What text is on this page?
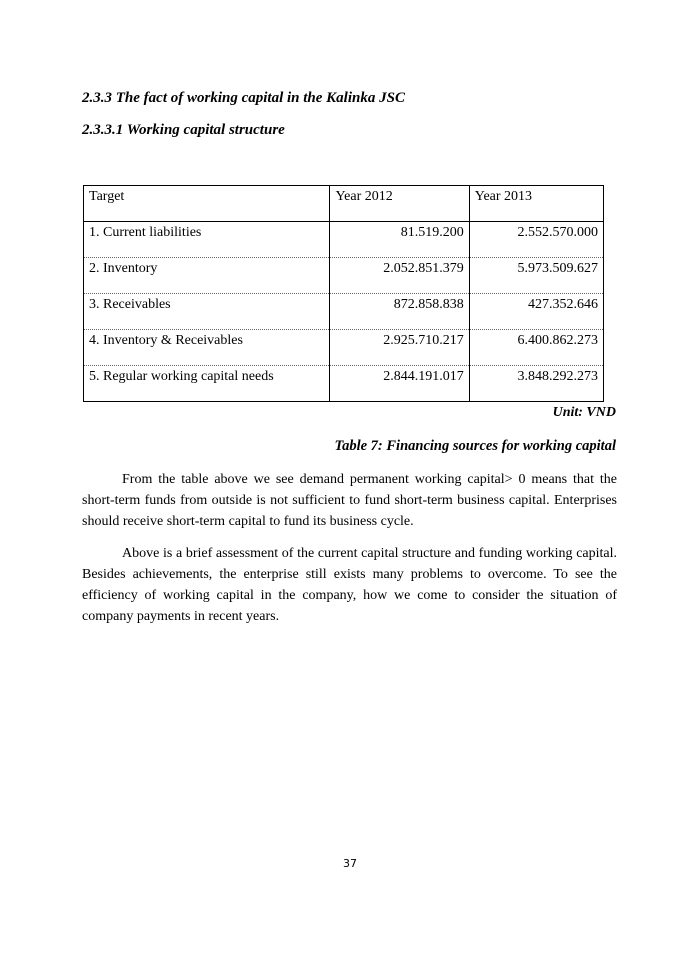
2.3.3 The fact of working capital in the Kalinka JSC
2.3.3.1 Working capital structure
Target	Year 2012	Year 2013
1. Current liabilities	81.519.200	2.552.570.000
2. Inventory	2.052.851.379	5.973.509.627
3. Receivables	872.858.838	427.352.646
4. Inventory & Receivables	2.925.710.217	6.400.862.273
5. Regular working capital needs	2.844.191.017	3.848.292.273
Unit: VND
Table 7: Financing sources for working capital

From the table above we see demand permanent working capital> 0 means that the short-term funds from outside is not sufficient to fund short-term business capital. Enterprises should receive short-term capital to fund its business cycle.

Above is a brief assessment of the current capital structure and funding working capital. Besides achievements, the enterprise still exists many problems to overcome. To see the efficiency of working capital in the company, how we come to consider the situation of company payments in recent years.

37
